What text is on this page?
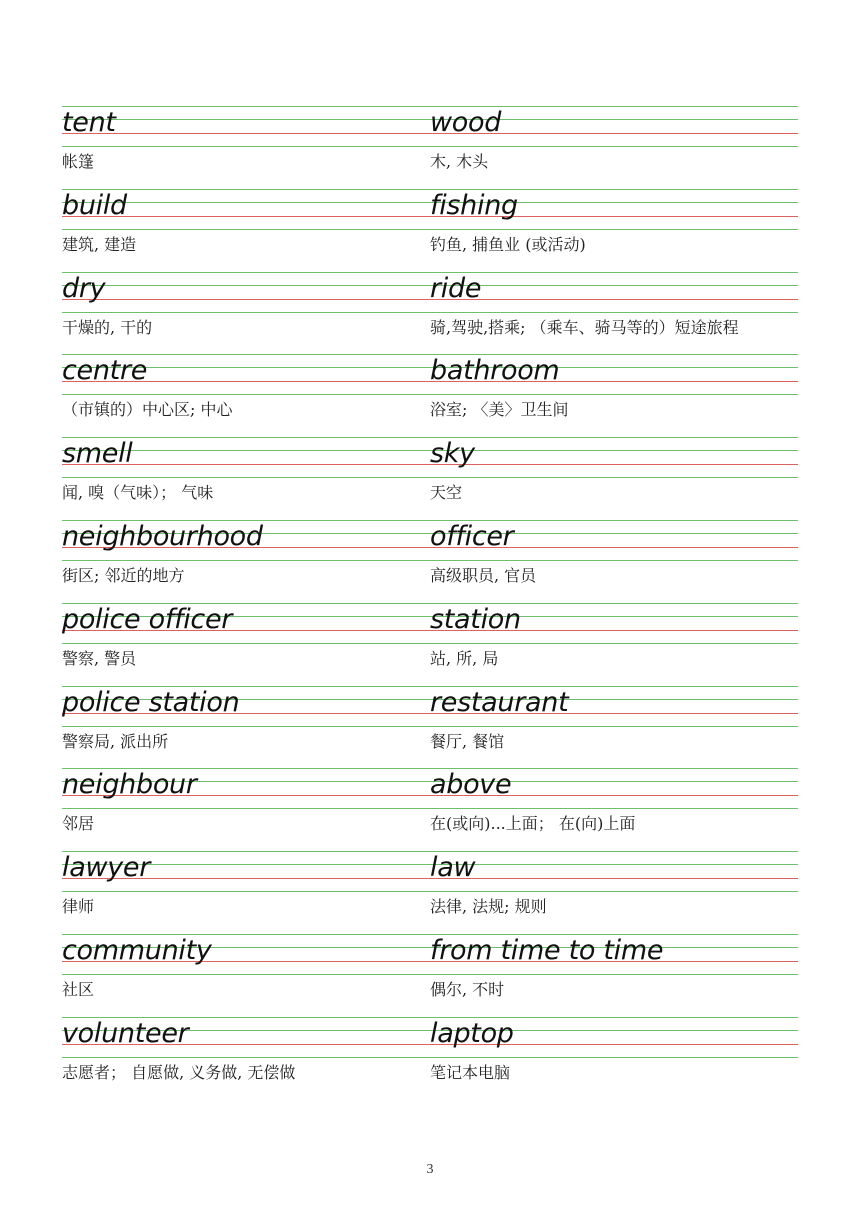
tent
帐篷
wood
木, 木头
build
建筑, 建造
fishing
钓鱼, 捕鱼业 (或活动)
dry
干燥的, 干的
ride
骑,驾驶,搭乘; （乘车、骑马等的）短途旅程
centre
（市镇的）中心区; 中心
bathroom
浴室; 〈美〉卫生间
smell
闻, 嗅（气味）； 气味
sky
天空
neighbourhood
街区; 邻近的地方
officer
高级职员, 官员
police officer
警察, 警员
station
站, 所, 局
police station
警察局, 派出所
restaurant
餐厅, 餐馆
neighbour
邻居
above
在(或向)...上面； 在(向)上面
lawyer
律师
law
法律, 法规; 规则
community
社区
from time to time
偶尔, 不时
volunteer
志愿者； 自愿做, 义务做, 无偿做
laptop
笔记本电脑
3
